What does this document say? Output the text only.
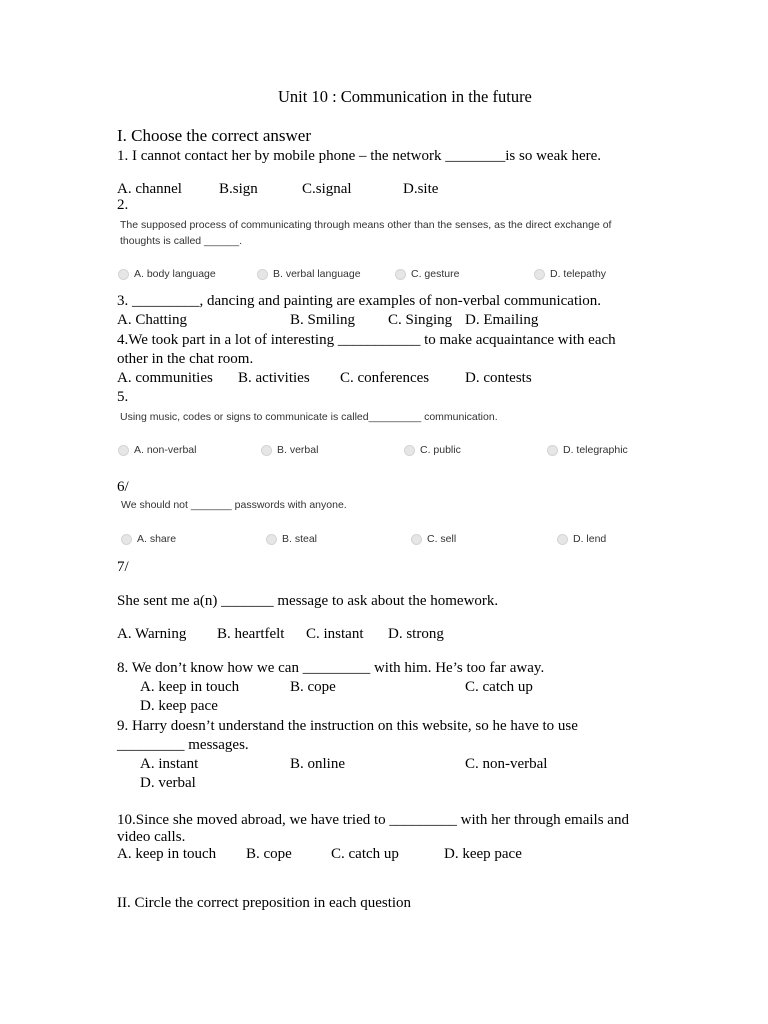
Unit 10 : Communication in the future
I. Choose the correct answer
1. I cannot contact her by mobile phone – the network ________is so weak here.
A. channel B.sign	C.signal	D.site
2.
The supposed process of communicating through means other than the senses, as the direct exchange of
thoughts is called ______.
A. body language	B. verbal language	C. gesture	D. telepathy
3. _________, dancing and painting are examples of non-verbal communication.
A. Chatting	B. Smiling C. Singing D. Emailing
4.We took part in a lot of interesting ___________ to make acquaintance with each
other in the chat room.
A. communities B. activities C. conferences D. contests
5.
Using music, codes or signs to communicate is called_________ communication.
A. non-verbal	B. verbal	C. public	D. telegraphic
6/
We should not _______ passwords with anyone.
A. share	B. steal	C. sell	D. lend
7/
She sent me a(n) _______ message to ask about the homework.
A. Warning B. heartfelt C. instant D. strong
8. We don’t know how we can _________ with him. He’s too far away.
A. keep in touch	B. cope	C. catch up
D. keep pace
9. Harry doesn’t understand the instruction on this website, so he have to use
_________ messages.
A. instant	B. online	C. non-verbal
D. verbal
10.Since she moved abroad, we have tried to _________ with her through emails and
video calls.
A. keep in touch B. cope	C. catch up	D. keep pace
II. Circle the correct preposition in each question
